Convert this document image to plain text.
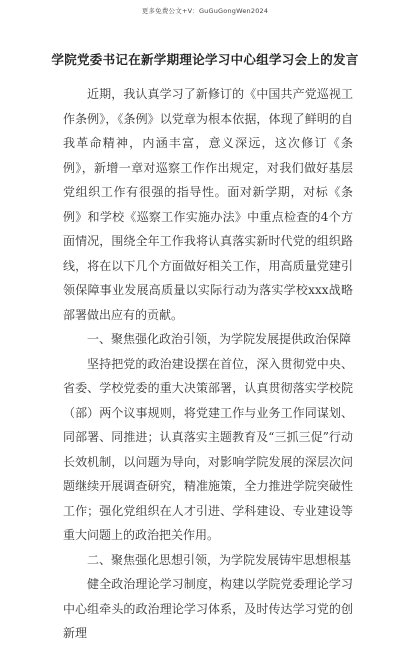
更多免费公文+V：GuGuGongWen2024
学院党委书记在新学期理论学习中心组学习会上的发言

近期，我认真学习了新修订的《中国共产党巡视工作条例》，《条例》以党章为根本依据，体现了鲜明的自我革命精神，内涵丰富，意义深远，这次修订《条例》，新增一章对巡察工作作出规定，对我们做好基层党组织工作有很强的指导性。面对新学期，对标《条例》和学校《巡察工作实施办法》中重点检查的4个方面情况，围绕全年工作我将认真落实新时代党的组织路线，将在以下几个方面做好相关工作，用高质量党建引领保障事业发展高质量以实际行动为落实学校xxx战略部署做出应有的贡献。

一、聚焦强化政治引领，为学院发展提供政治保障

坚持把党的政治建设摆在首位，深入贯彻党中央、省委、学校党委的重大决策部署，认真贯彻落实学校院（部）两个议事规则，将党建工作与业务工作同谋划、同部署、同推进；认真落实主题教育及“三抓三促”行动长效机制，以问题为导向，对影响学院发展的深层次问题继续开展调查研究，精准施策，全力推进学院突破性工作；强化党组织在人才引进、学科建设、专业建设等重大问题上的政治把关作用。

二、聚焦强化思想引领，为学院发展铸牢思想根基

健全政治理论学习制度，构建以学院党委理论学习中心组牵头的政治理论学习体系，及时传达学习党的创新理
